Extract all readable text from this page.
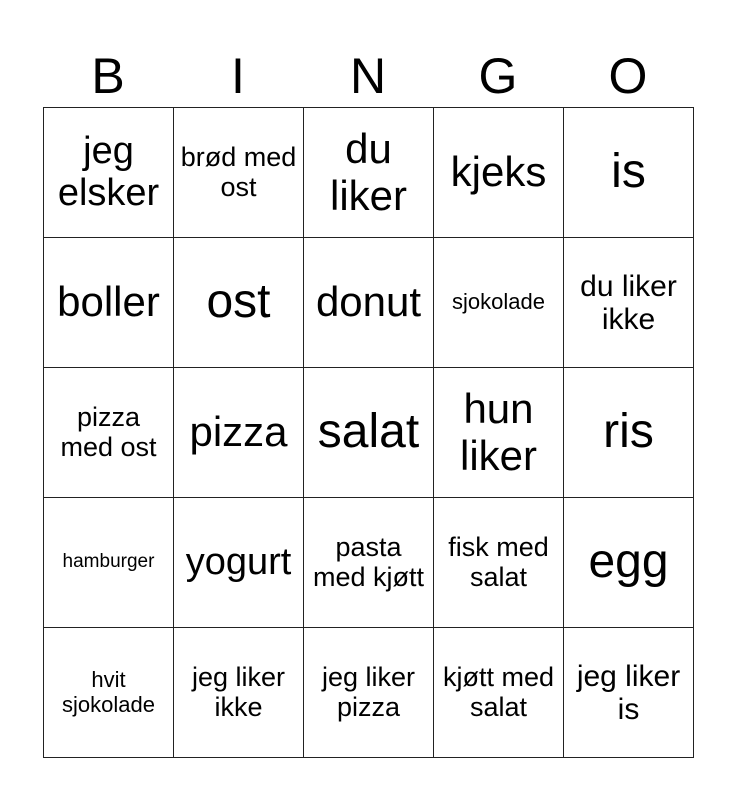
B	I	N	G	O
jeg elsker	brød med ost	du liker	kjeks	is
boller	ost	donut	sjokolade	du liker ikke
pizza med ost	pizza	salat	hun liker	ris
hamburger	yogurt	pasta med kjøtt	fisk med salat	egg
hvit sjokolade	jeg liker ikke	jeg liker pizza	kjøtt med salat	jeg liker is
